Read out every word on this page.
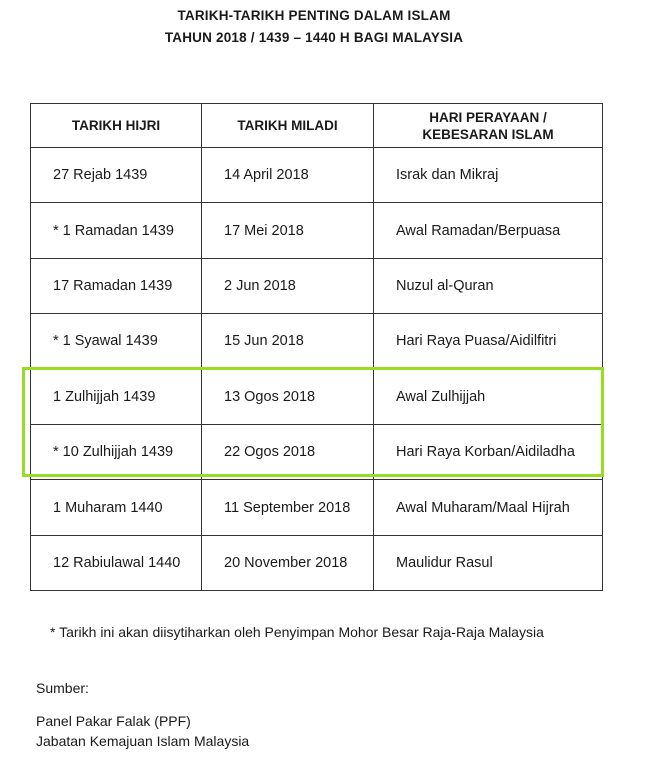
TARIKH-TARIKH PENTING DALAM ISLAM
TAHUN 2018 / 1439 – 1440 H BAGI MALAYSIA
TARIKH HIJRI	TARIKH MILADI	HARI PERAYAAN /
KEBESARAN ISLAM
27 Rejab 1439	14 April 2018	Israk dan Mikraj
* 1 Ramadan 1439	17 Mei 2018	Awal Ramadan/Berpuasa
17 Ramadan 1439	2 Jun 2018	Nuzul al-Quran
* 1 Syawal 1439	15 Jun 2018	Hari Raya Puasa/Aidilfitri
1 Zulhijjah 1439	13 Ogos 2018	Awal Zulhijjah
* 10 Zulhijjah 1439	22 Ogos 2018	Hari Raya Korban/Aidiladha
1 Muharam 1440	11 September 2018	Awal Muharam/Maal Hijrah
12 Rabiulawal 1440	20 November 2018	Maulidur Rasul
* Tarikh ini akan diisytiharkan oleh Penyimpan Mohor Besar Raja-Raja Malaysia
Sumber:
Panel Pakar Falak (PPF)
Jabatan Kemajuan Islam Malaysia
